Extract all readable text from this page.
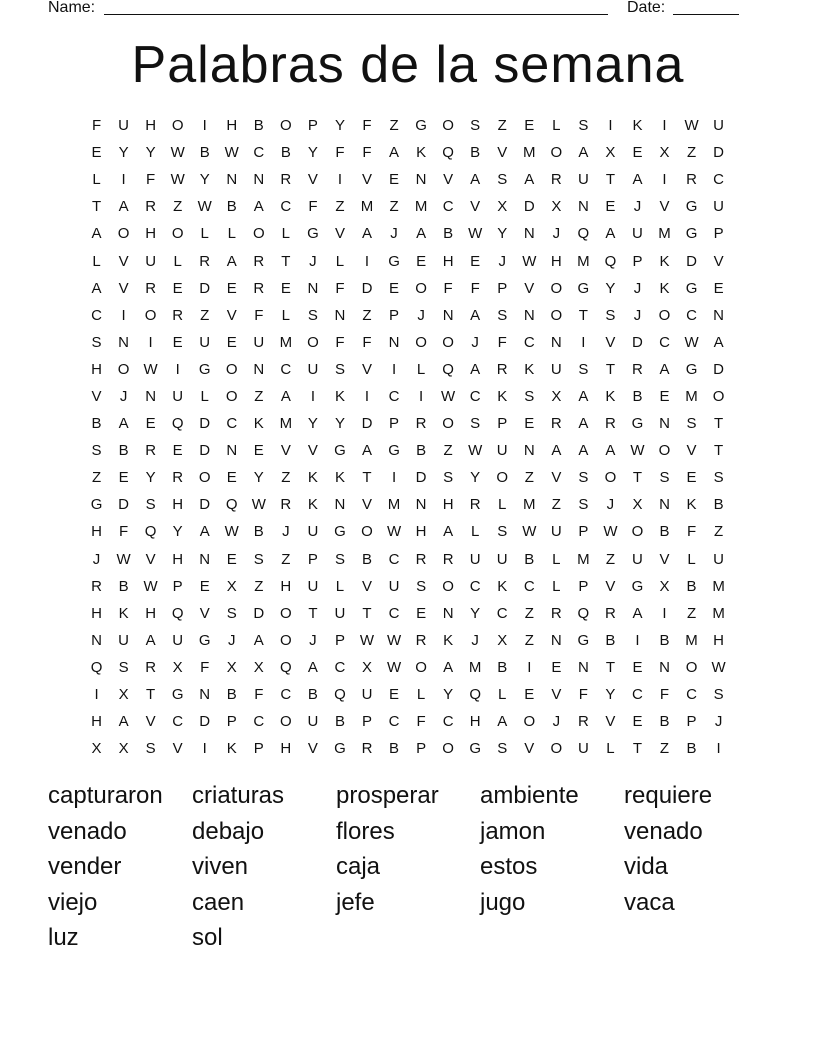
Name:	Date:
Palabras de la semana
F	U	H	O	I	H	B	O	P	Y	F	Z	G	O	S	Z	E	L	S	I	K	I	W U
E	Y	Y W B W C	B	Y	F	F	A	K	Q	B	V	M O	A	X	E	X	Z	D
L	I	F	W Y	N	N	R	V	I	V	E	N	V	A	S	A	R	U	T	A	I	R	C
T	A	R	Z	W B	A	C	F	Z	M	Z	M	C	V	X	D	X	N	E	J	V	G	U
A	O	H	O	L	L	O	L	G	V	A	J	A	B W Y	N	J	Q	A	U	M G	P
L	V	U	L	R	A	R	T	J	L	I	G	E	H	E	J	W H	M Q	P	K	D	V
A	V	R	E	D	E	R	E	N	F	D	E	O	F	F	P	V	O	G	Y	J	K	G	E
C	I	O	R	Z	V	F	L	S	N	Z	P	J	N	A	S	N	O	T	S	J	O	C	N
S	N	I	E	U	E	U	M O	F	F	N	O	O	J	F	C	N	I	V	D	C W A
H	O W	I	G	O	N	C	U	S	V	I	L	Q	A	R	K	U	S	T	R	A	G	D
V	J	N	U	L	O	Z	A	I	K	I	C	I	W C	K	S	X	A	K	B	E	M O
B	A	E	Q	D	C	K	M	Y	Y	D	P	R	O	S	P	E	R	A	R	G	N	S	T
S	B	R	E	D	N	E	V	V	G	A	G	B	Z	W U	N	A	A	A W O	V	T
Z	E	Y	R	O	E	Y	Z	K	K	T	I	D	S	Y	O	Z	V	S	O	T	S	E	S
G	D	S	H	D	Q W R	K	N	V	M	N	H	R	L	M	Z	S	J	X	N	K	B
H	F	Q	Y	A W B	J	U	G	O W H	A	L	S W U	P W O	B	F	Z
J	W V	H	N	E	S	Z	P	S	B	C	R	R	U	U	B	L	M	Z	U	V	L	U
R	B W P	E	X	Z	H	U	L	V	U	S	O	C	K	C	L	P	V	G	X	B	M
H	K	H	Q	V	S	D	O	T	U	T	C	E	N	Y	C	Z	R	Q	R	A	I	Z	M
N	U	A	U	G	J	A	O	J	P W W R	K	J	X	Z	N	G	B	I	B	M	H
Q	S	R	X	F	X	X	Q	A	C	X W O	A	M	B	I	E	N	T	E	N	O W
I	X	T	G	N	B	F	C	B	Q	U	E	L	Y	Q	L	E	V	F	Y	C	F	C	S
H	A	V	C	D	P	C	O	U	B	P	C	F	C	H	A	O	J	R	V	E	B	P	J
X	X	S	V	I	K	P	H	V	G	R	B	P	O	G	S	V	O	U	L	T	Z	B	I
capturaron	criaturas	prosperar	ambiente	requiere
venado	debajo	flores	jamon	venado
vender	viven	caja	estos	vida
viejo	caen	jefe	jugo	vaca
luz	sol
